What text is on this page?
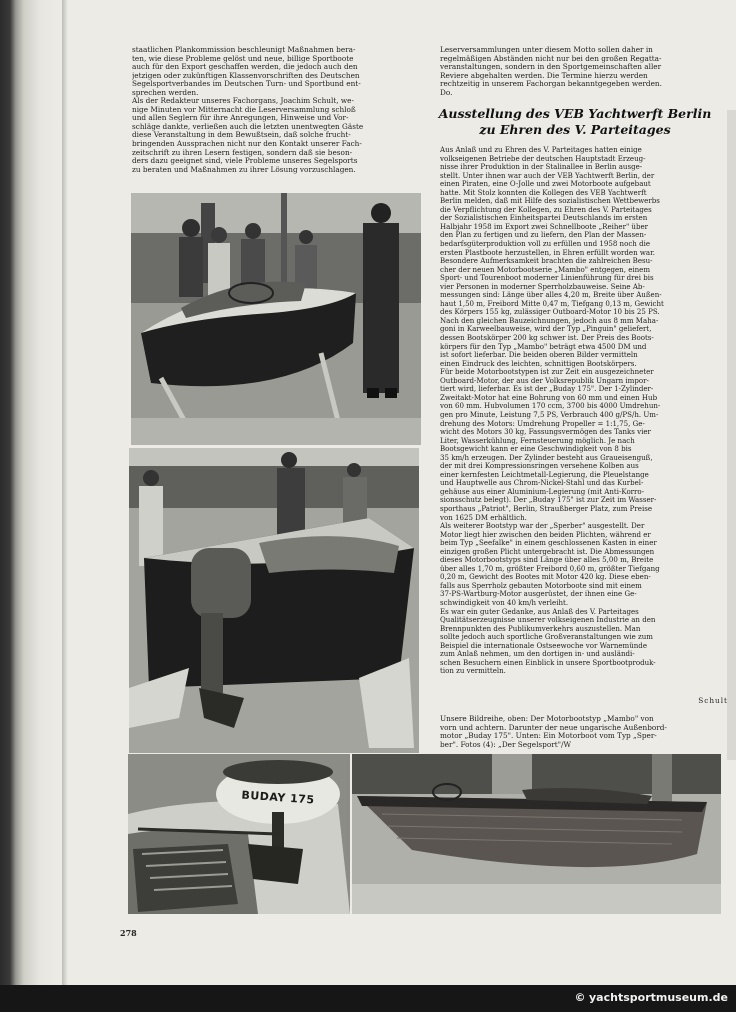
staatlichen Plankommission beschleunigt Maßnahmen bera-
ten, wie diese Probleme gelöst und neue, billige Sportboote
auch für den Export geschaffen werden, die jedoch auch den
jetzigen oder zukünftigen Klassenvorschriften des Deutschen
Segelsportverbandes im Deutschen Turn- und Sportbund ent-
sprechen werden.
Als der Redakteur unseres Fachorgans, Joachim Schult, we-
nige Minuten vor Mitternacht die Leserversammlung schloß
und allen Seglern für ihre Anregungen, Hinweise und Vor-
schläge dankte, verließen auch die letzten unentwegten Gäste
diese Veranstaltung in dem Bewußtsein, daß solche frucht-
bringenden Aussprachen nicht nur den Kontakt unserer Fach-
zeitschrift zu ihren Lesern festigen, sondern daß sie beson-
ders dazu geeignet sind, viele Probleme unseres Segelsports
zu beraten und Maßnahmen zu ihrer Lösung vorzuschlagen.
Leserversammlungen unter diesem Motto sollen daher in
regelmäßigen Abständen nicht nur bei den großen Regatta-
veranstaltungen, sondern in den Sportgemeinschaften aller
Reviere abgehalten werden. Die Termine hierzu werden
rechtzeitig in unserem Fachorgan bekanntgegeben werden.
Do.
Ausstellung des VEB Yachtwerft Berlin
zu Ehren des V. Parteitages
Aus Anlaß und zu Ehren des V. Parteitages hatten einige
volkseigenen Betriebe der deutschen Hauptstadt Erzeug-
nisse ihrer Produktion in der Stalinallee in Berlin ausge-
stellt. Unter ihnen war auch der VEB Yachtwerft Berlin, der
einen Piraten, eine O-Jolle und zwei Motorboote aufgebaut
hatte. Mit Stolz konnten die Kollegen des VEB Yachtwerft
Berlin melden, daß mit Hilfe des sozialistischen Wettbewerbs
die Verpflichtung der Kollegen, zu Ehren des V. Parteitages
der Sozialistischen Einheitspartei Deutschlands im ersten
Halbjahr 1958 im Export zwei Schnellboote „Reiher" über
den Plan zu fertigen und zu liefern, den Plan der Massen-
bedarfsgüterproduktion voll zu erfüllen und 1958 noch die
ersten Plastboote herzustellen, in Ehren erfüllt worden war.
Besondere Aufmerksamkeit brachten die zahlreichen Besu-
cher der neuen Motorbootserie „Mambo" entgegen, einem
Sport- und Tourenboot moderner Linienführung für drei bis
vier Personen in moderner Sperrholzbauweise. Seine Ab-
messungen sind: Länge über alles 4,20 m, Breite über Außen-
haut 1,50 m, Freibord Mitte 0,47 m, Tiefgang 0,13 m, Gewicht
des Körpers 155 kg, zulässiger Outboard-Motor 10 bis 25 PS.
Nach den gleichen Bauzeichnungen, jedoch aus 8 mm Maha-
goni in Karweelbauweise, wird der Typ „Pinguin" geliefert,
dessen Bootskörper 200 kg schwer ist. Der Preis des Boots-
körpers für den Typ „Mambo" beträgt etwa 4500 DM und
ist sofort lieferbar. Die beiden oberen Bilder vermitteln
einen Eindruck des leichten, schnittigen Bootskörpers.
Für beide Motorbootstypen ist zur Zeit ein ausgezeichneter
Outboard-Motor, der aus der Volksrepublik Ungarn impor-
tiert wird, lieferbar. Es ist der „Buday 175". Der 1-Zylinder-
Zweitakt-Motor hat eine Bohrung von 60 mm und einen Hub
von 60 mm. Hubvolumen 170 ccm, 3700 bis 4000 Umdrehun-
gen pro Minute, Leistung 7,5 PS, Verbrauch 400 g/PS/h. Um-
drehung des Motors: Umdrehung Propeller = 1:1,75, Ge-
wicht des Motors 30 kg, Fassungsvermögen des Tanks vier
Liter, Wasserkühlung, Fernsteuerung möglich. Je nach
Bootsgewicht kann er eine Geschwindigkeit von 8 bis
35 km/h erzeugen. Der Zylinder besteht aus Graueisenguß,
der mit drei Kompressionsringen versehene Kolben aus
einer kernfesten Leichtmetall-Legierung, die Pleuelstange
und Hauptwelle aus Chrom-Nickel-Stahl und das Kurbel-
gehäuse aus einer Aluminium-Legierung (mit Anti-Korro-
sionsschutz belegt). Der „Buday 175" ist zur Zeit im Wasser-
sporthaus „Patriot", Berlin, Straußberger Platz, zum Preise
von 1625 DM erhältlich.
Als weiterer Bootstyp war der „Sperber" ausgestellt. Der
Motor liegt hier zwischen den beiden Plichten, während er
beim Typ „Seefalke" in einem geschlossenen Kasten in einer
einzigen großen Plicht untergebracht ist. Die Abmessungen
dieses Motorbootstyps sind Länge über alles 5,00 m, Breite
über alles 1,70 m, größter Freibord 0,60 m, größter Tiefgang
0,20 m, Gewicht des Bootes mit Motor 420 kg. Diese eben-
falls aus Sperrholz gebauten Motorboote sind mit einem
37-PS-Wartburg-Motor ausgerüstet, der ihnen eine Ge-
schwindigkeit von 40 km/h verleiht.
Es war ein guter Gedanke, aus Anlaß des V. Parteitages
Qualitätserzeugnisse unserer volkseigenen Industrie an den
Brennpunkten des Publikumverkehrs auszustellen. Man
sollte jedoch auch sportliche Großveranstaltungen wie zum
Beispiel die internationale Ostseewoche vor Warnemünde
zum Anlaß nehmen, um den dortigen in- und ausländi-
schen Besuchern einen Einblick in unsere Sportbootproduk-
tion zu vermitteln.
Schult
Unsere Bildreihe, oben: Der Motorbootstyp „Mambo" von
vorn und achtern. Darunter der neue ungarische Außenbord-
motor „Buday 175". Unten: Ein Motorboot vom Typ „Sper-
ber". Fotos (4): „Der Segelsport"/W
BUDAY 175
278
© yachtsportmuseum.de
